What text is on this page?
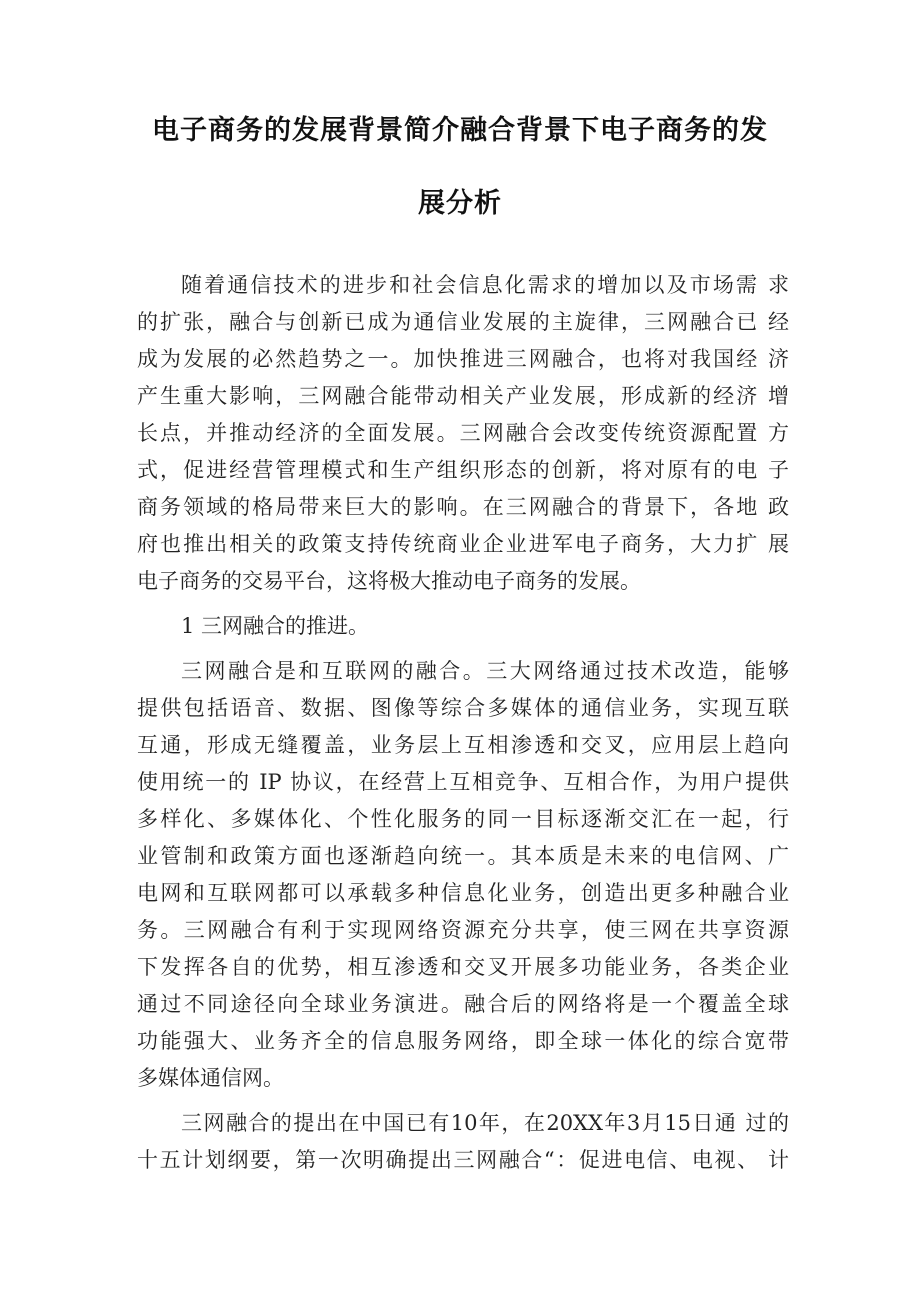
电子商务的发展背景简介融合背景下电子商务的发
展分析
随着通信技术的进步和社会信息化需求的增加以及市场需 求
的扩张，融合与创新已成为通信业发展的主旋律，三网融合已 经
成为发展的必然趋势之一。加快推进三网融合，也将对我国经 济
产生重大影响，三网融合能带动相关产业发展，形成新的经济 增
长点，并推动经济的全面发展。三网融合会改变传统资源配置 方
式，促进经营管理模式和生产组织形态的创新，将对原有的电 子
商务领域的格局带来巨大的影响。在三网融合的背景下，各地 政
府也推出相关的政策支持传统商业企业进军电子商务，大力扩 展
电子商务的交易平台，这将极大推动电子商务的发展。
1 三网融合的推进。
三网融合是和互联网的融合。三大网络通过技术改造，能够
提供包括语音、数据、图像等综合多媒体的通信业务，实现互联
互通，形成无缝覆盖，业务层上互相渗透和交叉，应用层上趋向
使用统一的 IP 协议，在经营上互相竞争、互相合作，为用户提供
多样化、多媒体化、个性化服务的同一目标逐渐交汇在一起，行
业管制和政策方面也逐渐趋向统一。其本质是未来的电信网、广
电网和互联网都可以承载多种信息化业务，创造出更多种融合业
务。三网融合有利于实现网络资源充分共享，使三网在共享资源
下发挥各自的优势，相互渗透和交叉开展多功能业务，各类企业
通过不同途径向全球业务演进。融合后的网络将是一个覆盖全球
功能强大、业务齐全的信息服务网络，即全球一体化的综合宽带
多媒体通信网。
三网融合的提出在中国已有10年，在20XX年3月15日通 过的
十五计划纲要，第一次明确提出三网融合“：促进电信、电视、 计
